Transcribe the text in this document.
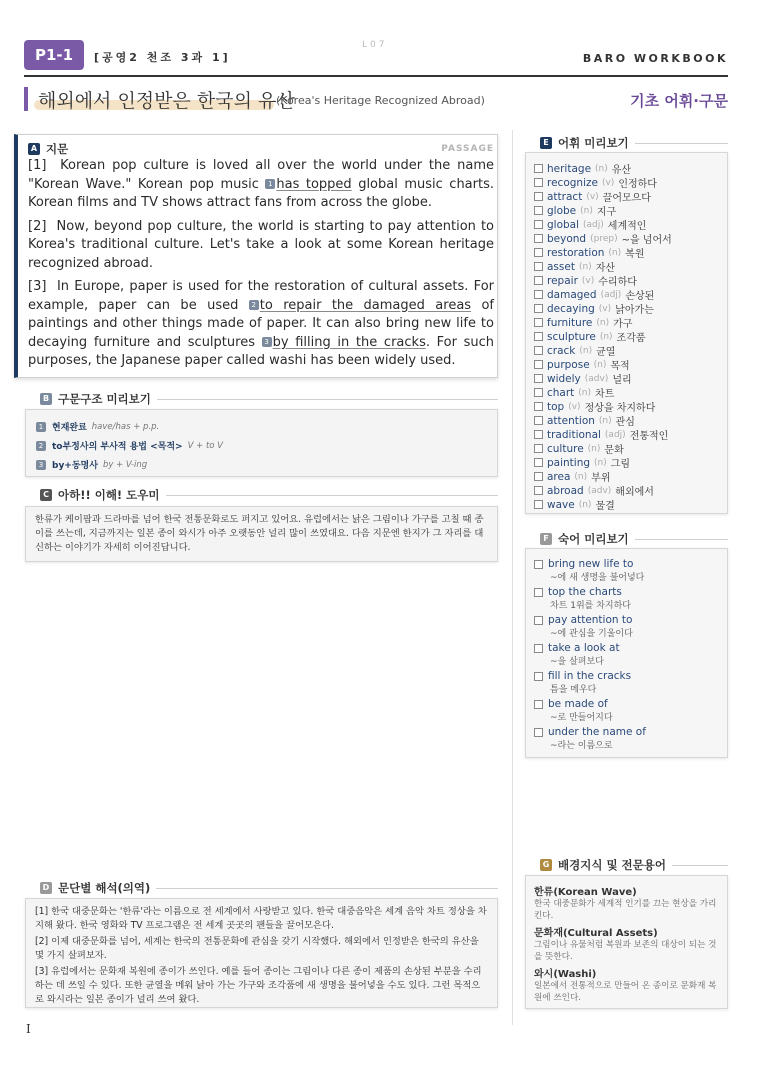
P1-1	[공영2 천조 3과 1]
L07
BARO WORKBOOK
해외에서 인정받은 한국의 유산
(Korea's Heritage Recognized Abroad)	기초 어휘·구문
A 지문	PASSAGE

[1] Korean pop culture is loved all over the world under the name "Korean Wave." Korean pop music 1 has topped global music charts. Korean films and TV shows attract fans from across the globe.

[2] Now, beyond pop culture, the world is starting to pay attention to Korea's traditional culture. Let's take a look at some Korean heritage recognized abroad.

[3] In Europe, paper is used for the restoration of cultural assets. For example, paper can be used 2 to repair the damaged areas of paintings and other things made of paper. It can also bring new life to decaying furniture and sculptures 3 by filling in the cracks. For such purposes, the Japanese paper called washi has been widely used.

B 구문구조 미리보기
1 현재완료 have/has + p.p.
2 to부정사의 부사적 용법 <목적> V + to V
3 by+동명사 by + V-ing
C 아하!! 이해! 도우미
한류가 케이팝과 드라마를 넘어 한국 전통문화로도 퍼지고 있어요. 유럽에서는 낡은 그림이나 가구를 고칠 때 종이를 쓰는데, 지금까지는 일본 종이 와시가 아주 오랫동안 널리 많이 쓰였대요. 다음 지문엔 한지가 그 자리를 대신하는 이야기가 자세히 이어진답니다.
D 문단별 해석(의역)

[1] 한국 대중문화는 '한류'라는 이름으로 전 세계에서 사랑받고 있다. 한국 대중음악은 세계 음악 차트 정상을 차지해 왔다. 한국 영화와 TV 프로그램은 전 세계 곳곳의 팬들을 끌어모은다.

[2] 이제 대중문화를 넘어, 세계는 한국의 전통문화에 관심을 갖기 시작했다. 해외에서 인정받은 한국의 유산을 몇 가지 살펴보자.

[3] 유럽에서는 문화재 복원에 종이가 쓰인다. 예를 들어 종이는 그림이나 다른 종이 제품의 손상된 부분을 수리하는 데 쓰일 수 있다. 또한 균열을 메워 낡아 가는 가구와 조각품에 새 생명을 불어넣을 수도 있다. 그런 목적으로 와시라는 일본 종이가 널리 쓰여 왔다.

E 어휘 미리보기
heritage (n) 유산
recognize (v) 인정하다
attract (v) 끌어모으다
globe (n) 지구
global (adj) 세계적인
beyond (prep) ~을 넘어서
restoration (n) 복원
asset (n) 자산
repair (v) 수리하다
damaged (adj) 손상된
decaying (v) 낡아가는
furniture (n) 가구
sculpture (n) 조각품
crack (n) 균열
purpose (n) 목적
widely (adv) 널리
chart (n) 차트
top (v) 정상을 차지하다
attention (n) 관심
traditional (adj) 전통적인
culture (n) 문화
painting (n) 그림
area (n) 부위
abroad (adv) 해외에서
wave (n) 물결
F 숙어 미리보기
bring new life to
~에 새 생명을 불어넣다
top the charts
차트 1위를 차지하다
pay attention to
~에 관심을 기울이다
take a look at
~을 살펴보다
fill in the cracks
틈을 메우다
be made of
~로 만들어지다
under the name of
~라는 이름으로
G 배경지식 및 전문용어
한류(Korean Wave)
한국 대중문화가 세계적 인기를 끄는 현상을 가리킨다.
문화재(Cultural Assets)
그림이나 유물처럼 복원과 보존의 대상이 되는 것을 뜻한다.
와시(Washi)
일본에서 전통적으로 만들어 온 종이로 문화재 복원에 쓰인다.
I
